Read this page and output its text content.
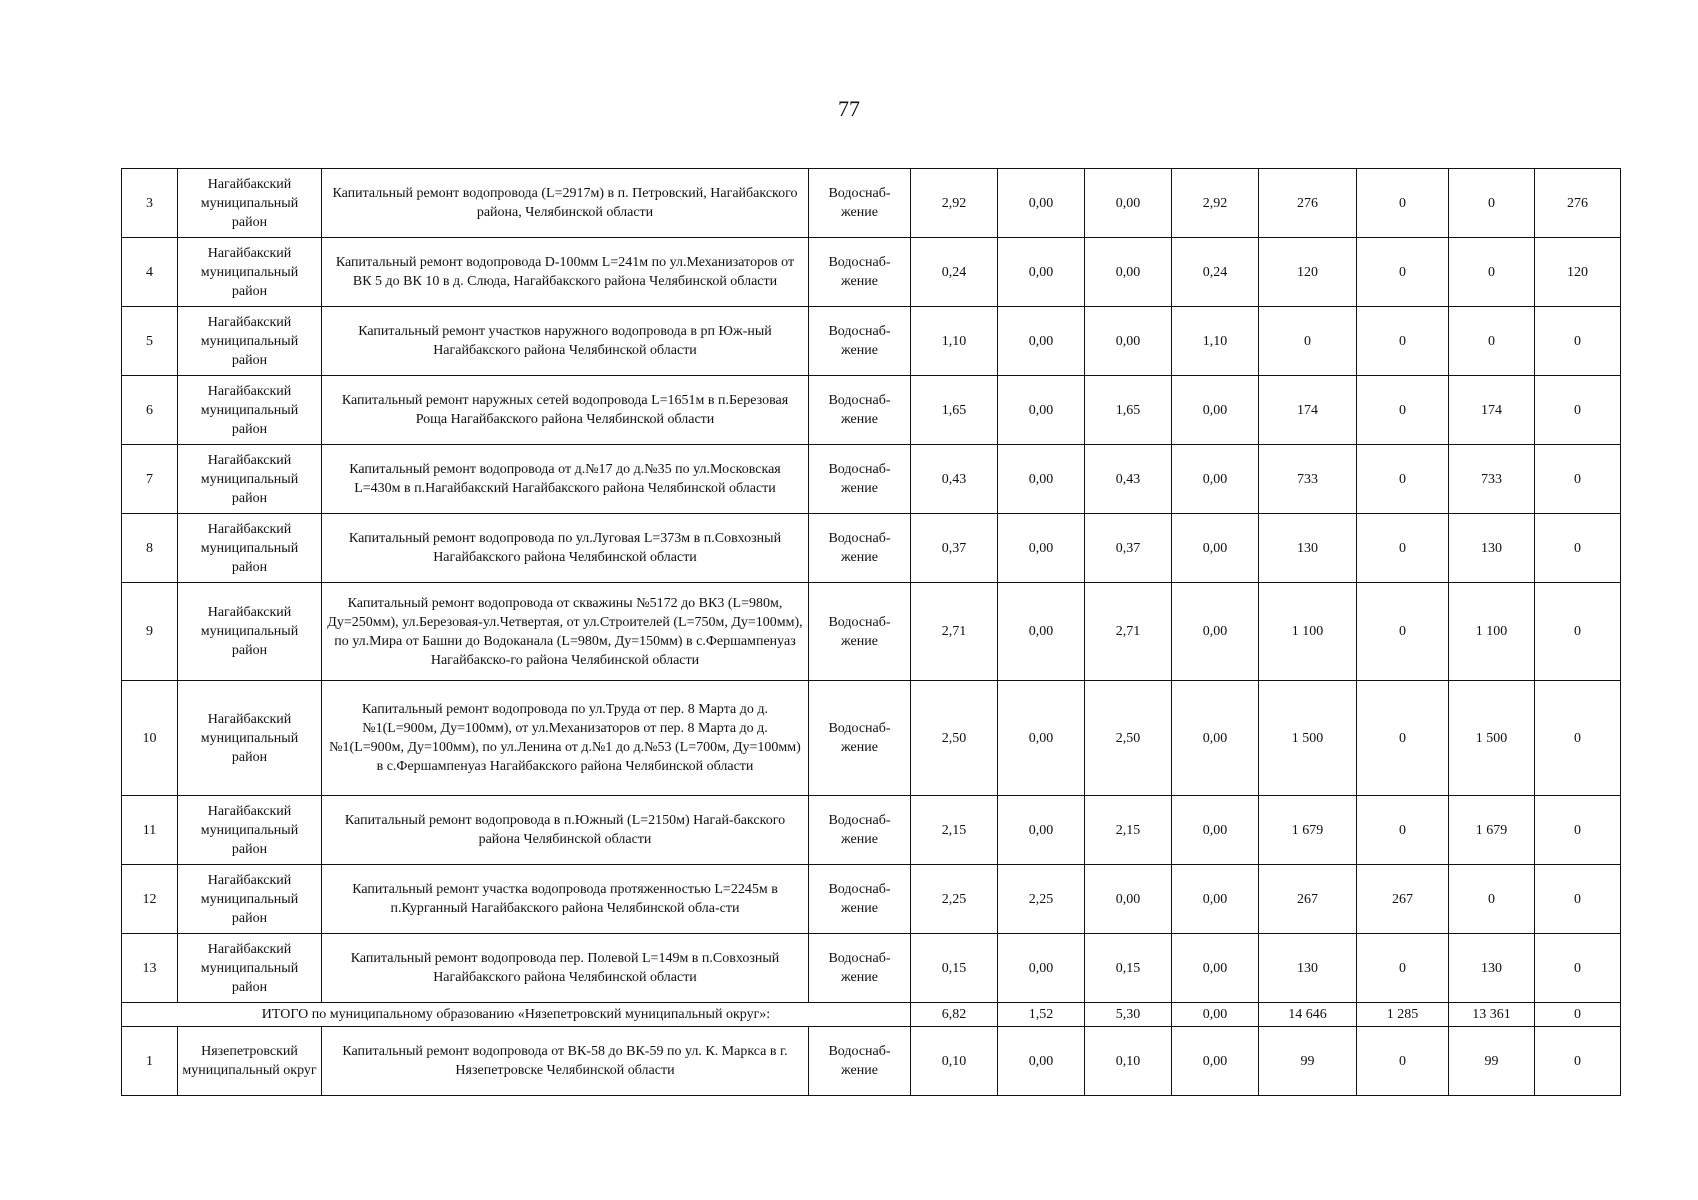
77
3	Нагайбакский муниципальный район	Капитальный ремонт водопровода (L=2917м) в п. Петровский, Нагайбакского района, Челябинской области	Водоснаб-жение	2,92	0,00	0,00	2,92	276	0	0	276
4	Нагайбакский муниципальный район	Капитальный ремонт водопровода D-100мм L=241м по ул.Механизаторов от ВК 5 до ВК 10 в д. Слюда, Нагайбакского района Челябинской области	Водоснаб-жение	0,24	0,00	0,00	0,24	120	0	0	120
5	Нагайбакский муниципальный район	Капитальный ремонт участков наружного водопровода в рп Юж-ный Нагайбакского района Челябинской области	Водоснаб-жение	1,10	0,00	0,00	1,10	0	0	0	0
6	Нагайбакский муниципальный район	Капитальный ремонт наружных сетей водопровода L=1651м в п.Березовая Роща Нагайбакского района Челябинской области	Водоснаб-жение	1,65	0,00	1,65	0,00	174	0	174	0
7	Нагайбакский муниципальный район	Капитальный ремонт водопровода от д.№17 до д.№35 по ул.Московская L=430м в п.Нагайбакский Нагайбакского района Челябинской области	Водоснаб-жение	0,43	0,00	0,43	0,00	733	0	733	0
8	Нагайбакский муниципальный район	Капитальный ремонт водопровода по ул.Луговая L=373м в п.Совхозный Нагайбакского района Челябинской области	Водоснаб-жение	0,37	0,00	0,37	0,00	130	0	130	0
9	Нагайбакский муниципальный район	Капитальный ремонт водопровода от скважины №5172 до ВК3 (L=980м, Ду=250мм), ул.Березовая-ул.Четвертая, от ул.Строителей (L=750м, Ду=100мм), по ул.Мира от Башни до Водоканала (L=980м, Ду=150мм) в с.Фершампенуаз Нагайбакско-го района Челябинской области	Водоснаб-жение	2,71	0,00	2,71	0,00	1 100	0	1 100	0
10	Нагайбакский муниципальный район	Капитальный ремонт водопровода по ул.Труда от пер. 8 Марта до д. №1(L=900м, Ду=100мм), от ул.Механизаторов от пер. 8 Марта до д. №1(L=900м, Ду=100мм), по ул.Ленина от д.№1 до д.№53 (L=700м, Ду=100мм) в с.Фершампенуаз Нагайбакского района Челябинской области	Водоснаб-жение	2,50	0,00	2,50	0,00	1 500	0	1 500	0
11	Нагайбакский муниципальный район	Капитальный ремонт водопровода в п.Южный (L=2150м) Нагай-бакского района Челябинской области	Водоснаб-жение	2,15	0,00	2,15	0,00	1 679	0	1 679	0
12	Нагайбакский муниципальный район	Капитальный ремонт участка водопровода протяженностью L=2245м в п.Курганный Нагайбакского района Челябинской обла-сти	Водоснаб-жение	2,25	2,25	0,00	0,00	267	267	0	0
13	Нагайбакский муниципальный район	Капитальный ремонт водопровода пер. Полевой L=149м в п.Совхозный Нагайбакского района Челябинской области	Водоснаб-жение	0,15	0,00	0,15	0,00	130	0	130	0
ИТОГО по муниципальному образованию «Нязепетровский муниципальный округ»:				6,82	1,52	5,30	0,00	14 646	1 285	13 361	0
1	Нязепетровский муниципальный округ	Капитальный ремонт водопровода от ВК-58 до ВК-59 по ул. К. Маркса в г. Нязепетровске Челябинской области	Водоснаб-жение	0,10	0,00	0,10	0,00	99	0	99	0
